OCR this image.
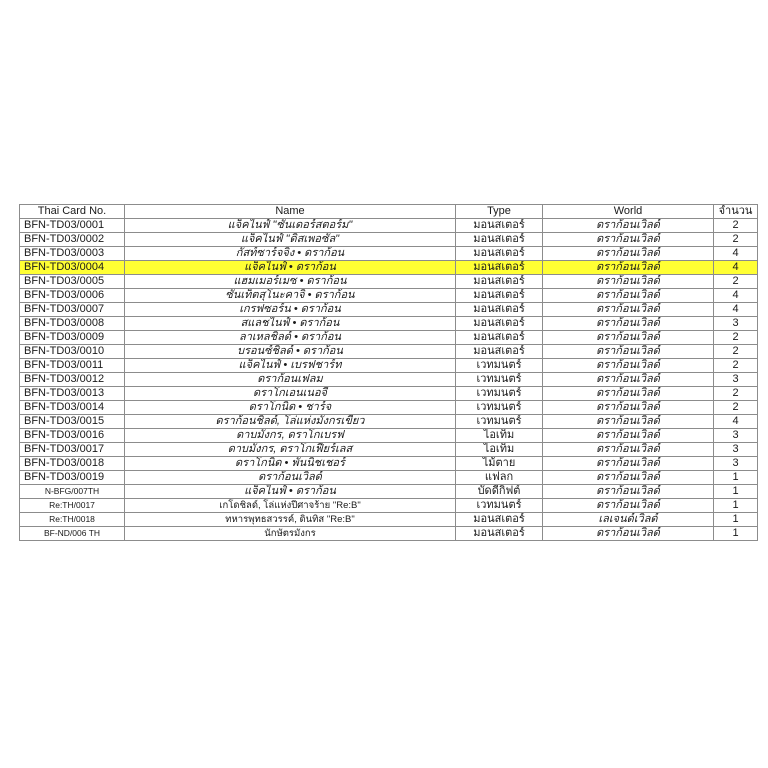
Thai Card No.	Name	Type	World	จำนวน
BFN-TD03/0001	แจ็คไนฟ์ "ซันเดอร์สตอร์ม"	มอนสเตอร์	ดราก้อนเวิลด์	2
BFN-TD03/0002	แจ็คไนฟ์ "ดิสเพอซัล"	มอนสเตอร์	ดราก้อนเวิลด์	2
BFN-TD03/0003	กัสท์ซาร์จจิ้ง • ดราก้อน	มอนสเตอร์	ดราก้อนเวิลด์	4
BFN-TD03/0004	แจ็คไนฟ์ • ดราก้อน	มอนสเตอร์	ดราก้อนเวิลด์	4
BFN-TD03/0005	แฮมเมอร์เมซ • ดราก้อน	มอนสเตอร์	ดราก้อนเวิลด์	2
BFN-TD03/0006	ซันเท็ตสุโนะคาจิ • ดราก้อน	มอนสเตอร์	ดราก้อนเวิลด์	4
BFN-TD03/0007	เกรฟซอร์น • ดราก้อน	มอนสเตอร์	ดราก้อนเวิลด์	4
BFN-TD03/0008	สแลชไนฟ์ • ดราก้อน	มอนสเตอร์	ดราก้อนเวิลด์	3
BFN-TD03/0009	ลาเหลชิลด์ • ดราก้อน	มอนสเตอร์	ดราก้อนเวิลด์	2
BFN-TD03/0010	บรอนซ์ชิลด์ • ดราก้อน	มอนสเตอร์	ดราก้อนเวิลด์	2
BFN-TD03/0011	แจ็คไนฟ์ • เบรฟชาร์ท	เวทมนตร์	ดราก้อนเวิลด์	2
BFN-TD03/0012	ดราก้อนเฟลม	เวทมนตร์	ดราก้อนเวิลด์	3
BFN-TD03/0013	ดราโกเอนเนอจี	เวทมนตร์	ดราก้อนเวิลด์	2
BFN-TD03/0014	ดราโกนิด • ชาร์จ	เวทมนตร์	ดราก้อนเวิลด์	2
BFN-TD03/0015	ดราก้อนชิลด์, โล่แห่งมังกรเขียว	เวทมนตร์	ดราก้อนเวิลด์	4
BFN-TD03/0016	ดาบมังกร, ดราโกเบรฟ	ไอเท็ม	ดราก้อนเวิลด์	3
BFN-TD03/0017	ดาบมังกร, ดราโกเฟียร์เลส	ไอเท็ม	ดราก้อนเวิลด์	3
BFN-TD03/0018	ดราโกนิด • พันนิชเชอร์	ไม้ตาย	ดราก้อนเวิลด์	3
BFN-TD03/0019	ดราก้อนเวิลด์	แฟลก	ดราก้อนเวิลด์	1
N-BFG/007TH	แจ็คไนฟ์ • ดราก้อน	บัดดี้กิฟต์	ดราก้อนเวิลด์	1
Re:TH/0017	เกโดชิลด์, โล่แห่งปีศาจร้าย "Re:B"	เวทมนตร์	ดราก้อนเวิลด์	1
Re:TH/0018	ทหารพุทธสวรรค์, ดินทิส "Re:B"	มอนสเตอร์	เลเจนด์เวิลด์	1
BF-ND/006 TH	นักษัตรมังกร	มอนสเตอร์	ดราก้อนเวิลด์	1
